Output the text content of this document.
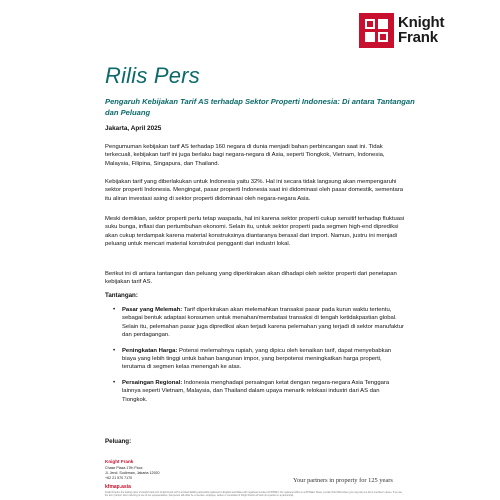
Knight
Frank
Rilis Pers

Pengaruh Kebijakan Tarif AS terhadap Sektor Properti Indonesia: Di antara Tantangan dan Peluang

Jakarta, April 2025

Pengumuman kebijakan tarif AS terhadap 160 negara di dunia menjadi bahan perbincangan saat ini. Tidak terkecuali, kebijakan tarif ini juga berlaku bagi negara-negara di Asia, seperti Tiongkok, Vietnam, Indonesia, Malaysia, Filipina, Singapura, dan Thailand.

Kebijakan tarif yang diberlakukan untuk Indonesia yaitu 32%. Hal ini secara tidak langsung akan mempengaruhi sektor properti Indonesia. Mengingat, pasar properti Indonesia saat ini didominasi oleh pasar domestik, sementara itu aliran investasi asing di sektor properti didominasi oleh negara-negara Asia.

Meski demikian, sektor properti perlu tetap waspada, hal ini karena sektor properti cukup sensitif terhadap fluktuasi suku bunga, inflasi dan pertumbuhan ekonomi. Selain itu, untuk sektor properti pada segmen high-end diprediksi akan cukup terdampak karena material konstruksinya diantaranya berasal dari import. Namun, justru ini menjadi peluang untuk mencari material konstruksi pengganti dari industri lokal.

Berikut ini di antara tantangan dan peluang yang diperkirakan akan dihadapi oleh sektor properti dari penetapan kebijakan tarif AS.

Tantangan:

• Pasar yang Melemah: Tarif diperkirakan akan melemahkan transaksi pasar pada kurun waktu tertentu, sebagai bentuk adaptasi konsumen untuk menahan/membatasi transaksi di tengah ketidakpastian global. Selain itu, pelemahan pasar juga diprediksi akan terjadi karena pelemahan yang terjadi di sektor manufaktur dan perdagangan.
• Peningkatan Harga: Potensi melemahnya rupiah, yang dipicu oleh kenaikan tarif, dapat menyebabkan biaya yang lebih tinggi untuk bahan bangunan impor, yang berpotensi meningkatkan harga properti, terutama di segmen kelas menengah ke atas.
• Persaingan Regional: Indonesia menghadapi persaingan ketat dengan negara-negara Asia Tenggara lainnya seperti Vietnam, Malaysia, dan Thailand dalam upaya menarik relokasi industri dari AS dan Tiongkok.

Peluang:

Knight Frank

Chase Plaza 17th Floor,
Jl. Jend. Sudirman, Jakarta 12920
+62 21 570 7170

kfmap.asia

Your partners in property for 125 years

Knight Frank is the trading name of Knight Frank LLP. Knight Frank LLP is a limited liability partnership registered in England and Wales with registered number OC305934. Our registered office is at 55 Baker Street, London W1U 8AN where you may look at a list of members' names. If we use the term 'partner' when referring to one of our representatives, that person will either be a member, employee, worker or consultant of Knight Frank LLP and not a partner in a partnership.
